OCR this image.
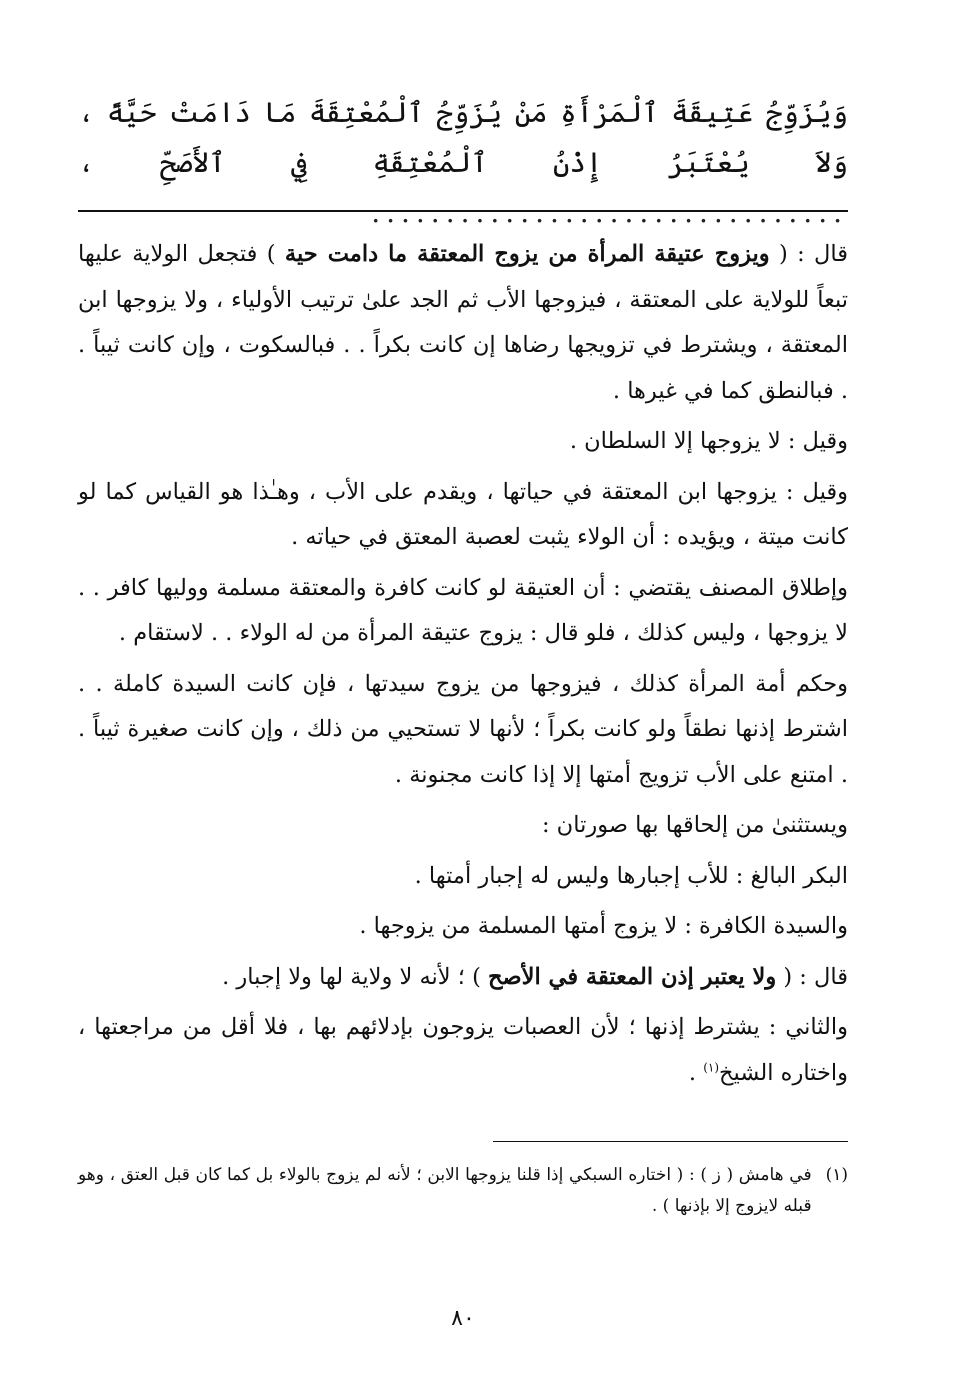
وَيُزَوِّجُ عَتِيقَةَ ٱلْمَرْأَةِ مَنْ يُزَوِّجُ ٱلْمُعْتِقَةَ مَا دَامَتْ حَيَّةً ، وَلاَ يُعْتَبَرُ إِذْنُ ٱلْمُعْتِقَةِ فِي ٱلأَصَحِّ ، ................................

قال : ( ويزوج عتيقة المرأة من يزوج المعتقة ما دامت حية ) فتجعل الولاية عليها تبعاً للولاية على المعتقة ، فيزوجها الأب ثم الجد علىٰ ترتيب الأولياء ، ولا يزوجها ابن المعتقة ، ويشترط في تزويجها رضاها إن كانت بكراً . . فبالسكوت ، وإن كانت ثيباً . . فبالنطق كما في غيرها .

وقيل : لا يزوجها إلا السلطان .

وقيل : يزوجها ابن المعتقة في حياتها ، ويقدم على الأب ، وهـٰذا هو القياس كما لو كانت ميتة ، ويؤيده : أن الولاء يثبت لعصبة المعتق في حياته .

وإطلاق المصنف يقتضي : أن العتيقة لو كانت كافرة والمعتقة مسلمة ووليها كافر . . لا يزوجها ، وليس كذلك ، فلو قال : يزوج عتيقة المرأة من له الولاء . . لاستقام .

وحكم أمة المرأة كذلك ، فيزوجها من يزوج سيدتها ، فإن كانت السيدة كاملة . . اشترط إذنها نطقاً ولو كانت بكراً ؛ لأنها لا تستحيي من ذلك ، وإن كانت صغيرة ثيباً . . امتنع على الأب تزويج أمتها إلا إذا كانت مجنونة .

ويستثنىٰ من إلحاقها بها صورتان :

البكر البالغ : للأب إجبارها وليس له إجبار أمتها .

والسيدة الكافرة : لا يزوج أمتها المسلمة من يزوجها .

قال : ( ولا يعتبر إذن المعتقة في الأصح ) ؛ لأنه لا ولاية لها ولا إجبار .

والثاني : يشترط إذنها ؛ لأن العصبات يزوجون بإدلائهم بها ، فلا أقل من مراجعتها ، واختاره الشيخ$^{(١)}$ .

(١)
في هامش ( ز ) : ( اختاره السبكي إذا قلنا يزوجها الابن ؛ لأنه لم يزوج بالولاء بل كما كان قبل العتق ، وهو قبله لايزوج إلا بإذنها ) .

٨٠
